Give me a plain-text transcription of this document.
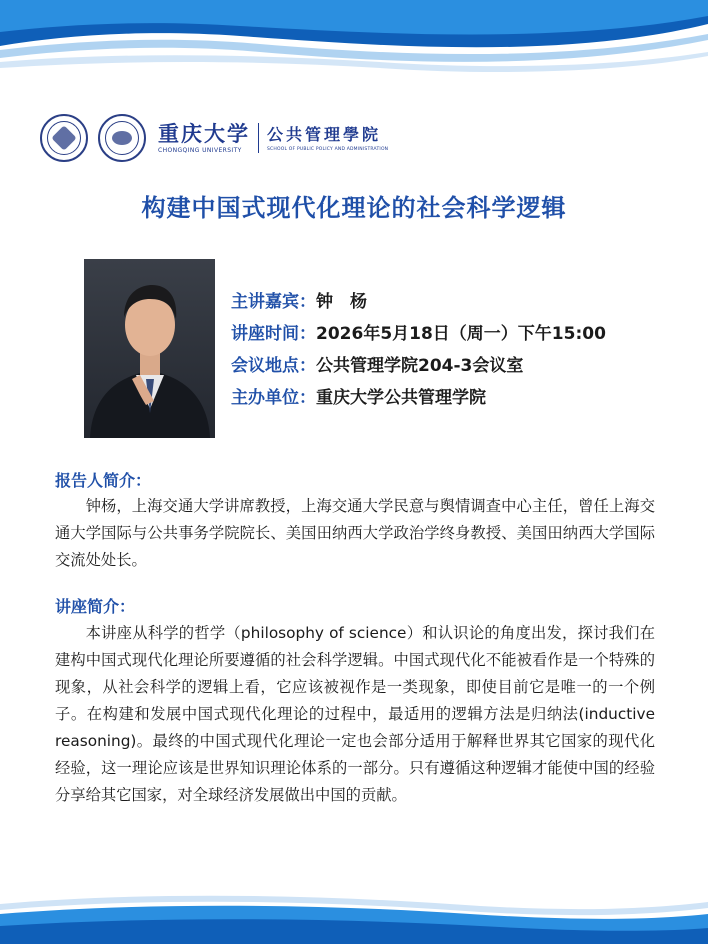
重庆大学
CHONGQING UNIVERSITY
公共管理學院
SCHOOL OF PUBLIC POLICY AND ADMINISTRATION
构建中国式现代化理论的社会科学逻辑
主讲嘉宾：钟　杨
讲座时间：2026年5月18日（周一）下午15:00
会议地点：公共管理学院204-3会议室
主办单位：重庆大学公共管理学院
报告人简介：
钟杨，上海交通大学讲席教授，上海交通大学民意与舆情调查中心主任，曾任上海交通大学国际与公共事务学院院长、美国田纳西大学政治学终身教授、美国田纳西大学国际交流处处长。
讲座简介：
本讲座从科学的哲学（philosophy of science）和认识论的角度出发，探讨我们在建构中国式现代化理论所要遵循的社会科学逻辑。中国式现代化不能被看作是一个特殊的现象，从社会科学的逻辑上看，它应该被视作是一类现象，即使目前它是唯一的一个例子。在构建和发展中国式现代化理论的过程中，最适用的逻辑方法是归纳法(inductive reasoning)。最终的中国式现代化理论一定也会部分适用于解释世界其它国家的现代化经验，这一理论应该是世界知识理论体系的一部分。只有遵循这种逻辑才能使中国的经验分享给其它国家，对全球经济发展做出中国的贡献。
